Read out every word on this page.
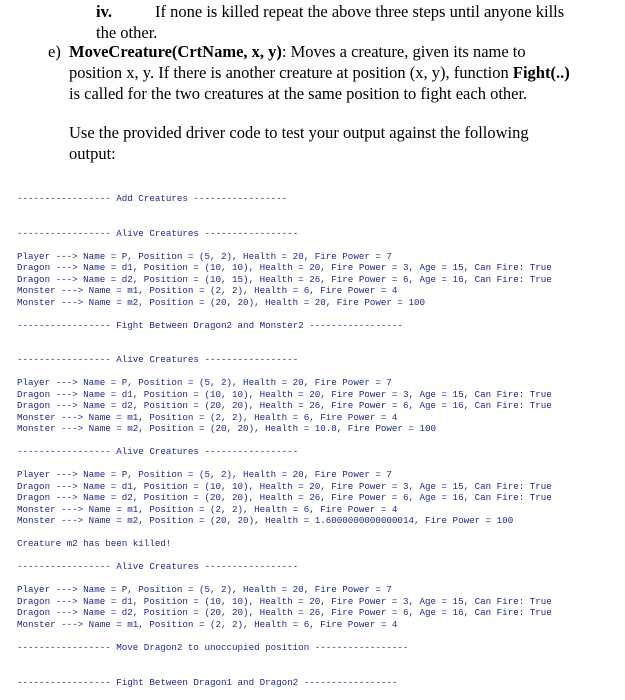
iv.	If none is killed repeat the above three steps until anyone kills
the other.
e) MoveCreature(CrtName, x, y): Moves a creature, given its name to
position x, y. If there is another creature at position (x, y), function Fight(..)
is called for the two creatures at the same position to fight each other.
Use the provided driver code to test your output against the following
output:
----------------- Add Creatures -----------------
----------------- Alive Creatures -----------------
Player ---> Name = P, Position = (5, 2), Health = 20, Fire Power = 7
Dragon ---> Name = d1, Position = (10, 10), Health = 20, Fire Power = 3, Age = 15, Can Fire: True
Dragon ---> Name = d2, Position = (10, 15), Health = 26, Fire Power = 6, Age = 16, Can Fire: True
Monster ---> Name = m1, Position = (2, 2), Health = 6, Fire Power = 4
Monster ---> Name = m2, Position = (20, 20), Health = 20, Fire Power = 100
----------------- Fight Between Dragon2 and Monster2 -----------------
----------------- Alive Creatures -----------------
Player ---> Name = P, Position = (5, 2), Health = 20, Fire Power = 7
Dragon ---> Name = d1, Position = (10, 10), Health = 20, Fire Power = 3, Age = 15, Can Fire: True
Dragon ---> Name = d2, Position = (20, 20), Health = 26, Fire Power = 6, Age = 16, Can Fire: True
Monster ---> Name = m1, Position = (2, 2), Health = 6, Fire Power = 4
Monster ---> Name = m2, Position = (20, 20), Health = 10.8, Fire Power = 100
----------------- Alive Creatures -----------------
Player ---> Name = P, Position = (5, 2), Health = 20, Fire Power = 7
Dragon ---> Name = d1, Position = (10, 10), Health = 20, Fire Power = 3, Age = 15, Can Fire: True
Dragon ---> Name = d2, Position = (20, 20), Health = 26, Fire Power = 6, Age = 16, Can Fire: True
Monster ---> Name = m1, Position = (2, 2), Health = 6, Fire Power = 4
Monster ---> Name = m2, Position = (20, 20), Health = 1.6000000000000014, Fire Power = 100
Creature m2 has been killed!
----------------- Alive Creatures -----------------
Player ---> Name = P, Position = (5, 2), Health = 20, Fire Power = 7
Dragon ---> Name = d1, Position = (10, 10), Health = 20, Fire Power = 3, Age = 15, Can Fire: True
Dragon ---> Name = d2, Position = (20, 20), Health = 26, Fire Power = 6, Age = 16, Can Fire: True
Monster ---> Name = m1, Position = (2, 2), Health = 6, Fire Power = 4
----------------- Move Dragon2 to unoccupied position -----------------
----------------- Fight Between Dragon1 and Dragon2 -----------------
